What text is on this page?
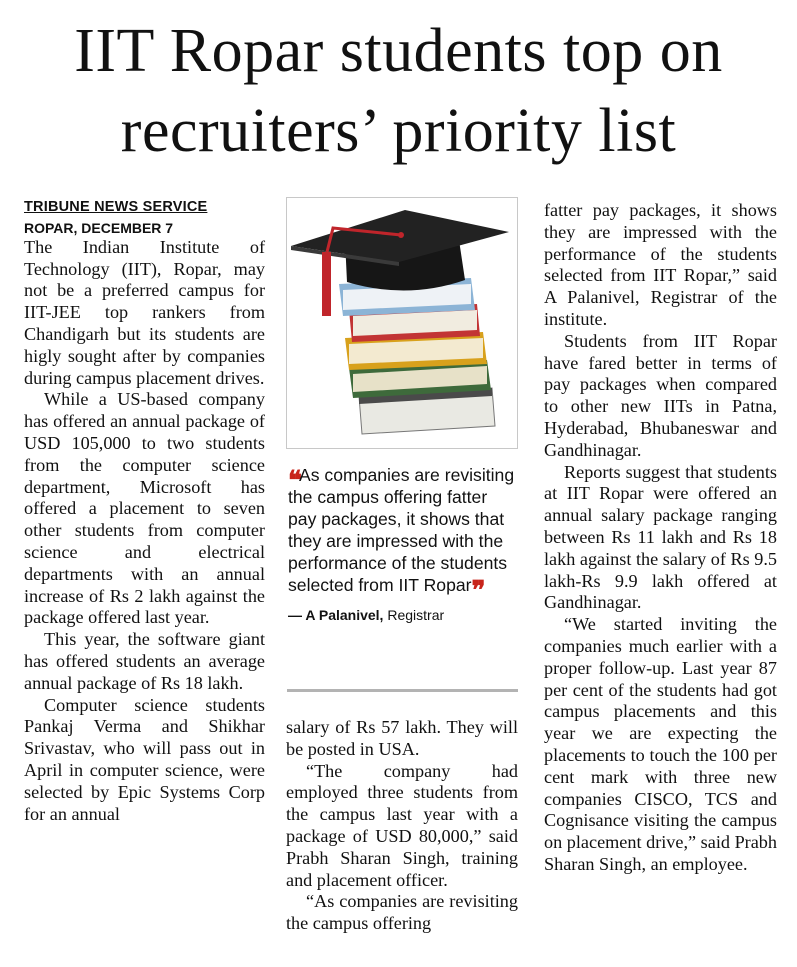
IIT Ropar students top on
recruiters’ priority list

TRIBUNE NEWS SERVICE

ROPAR, DECEMBER 7

The Indian Institute of Technology (IIT), Ropar, may not be a preferred campus for IIT-JEE top rankers from Chandigarh but its students are higly sought after by companies during campus placement drives.

While a US-based company has offered an annual package of USD 105,000 to two students from the computer science department, Microsoft has offered a placement to seven other students from computer science and electrical departments with an annual increase of Rs 2 lakh against the package offered last year.

This year, the software giant has offered students an average annual package of Rs 18 lakh.

Computer science students Pankaj Verma and Shikhar Srivastav, who will pass out in April in computer science, were selected by Epic Systems Corp for an annual

❝As companies are revisiting the campus offering fatter pay packages, it shows that they are impressed with the performance of the students selected from IIT Ropar❞
— A Palanivel, Registrar

salary of Rs 57 lakh. They will be posted in USA.

“The company had employed three students from the campus last year with a package of USD 80,000,” said Prabh Sharan Singh, training and placement officer.

“As companies are revisiting the campus offering

fatter pay packages, it shows they are impressed with the performance of the students selected from IIT Ropar,” said A Palanivel, Registrar of the institute.

Students from IIT Ropar have fared better in terms of pay packages when compared to other new IITs in Patna, Hyderabad, Bhubaneswar and Gandhinagar.

Reports suggest that students at IIT Ropar were offered an annual salary package ranging between Rs 11 lakh and Rs 18 lakh against the salary of Rs 9.5 lakh-Rs 9.9 lakh offered at Gandhinagar.

“We started inviting the companies much earlier with a proper follow-up. Last year 87 per cent of the students had got campus placements and this year we are expecting the placements to touch the 100 per cent mark with three new companies CISCO, TCS and Cognisance visiting the campus on placement drive,” said Prabh Sharan Singh, an employee.
